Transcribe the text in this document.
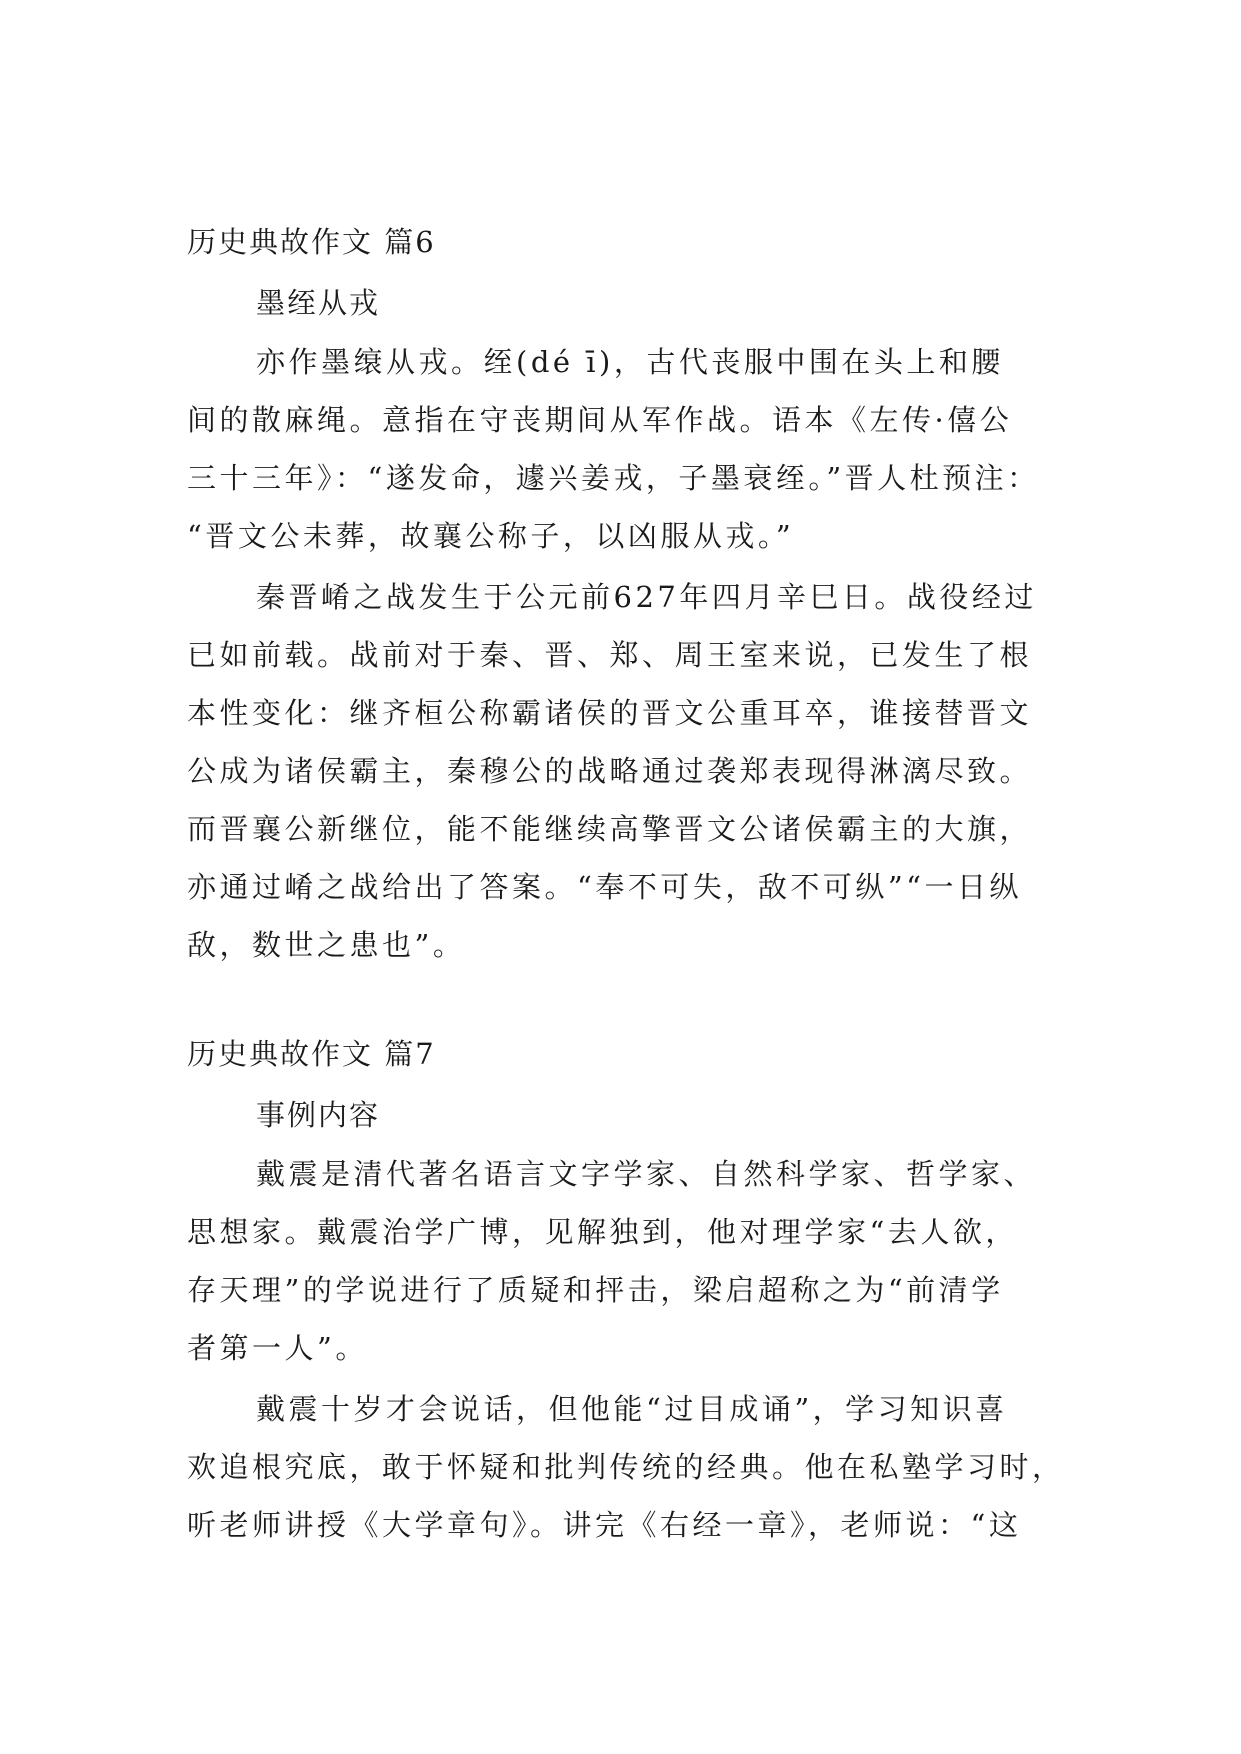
历史典故作文 篇6

墨绖从戎

亦作墨缞从戎。绖(dé ī)，古代丧服中围在头上和腰

间的散麻绳。意指在守丧期间从军作战。语本《左传·僖公

三十三年》：“遂发命，遽兴姜戎，子墨衰绖。”晋人杜预注：

“晋文公未葬，故襄公称子，以凶服从戎。”

秦晋崤之战发生于公元前627年四月辛巳日。战役经过

已如前载。战前对于秦、晋、郑、周王室来说，已发生了根

本性变化：继齐桓公称霸诸侯的晋文公重耳卒，谁接替晋文

公成为诸侯霸主，秦穆公的战略通过袭郑表现得淋漓尽致。

而晋襄公新继位，能不能继续高擎晋文公诸侯霸主的大旗，

亦通过崤之战给出了答案。“奉不可失，敌不可纵”“一日纵

敌，数世之患也”。

历史典故作文 篇7

事例内容

戴震是清代著名语言文字学家、自然科学家、哲学家、

思想家。戴震治学广博，见解独到，他对理学家“去人欲，

存天理”的学说进行了质疑和抨击，梁启超称之为“前清学

者第一人”。

戴震十岁才会说话，但他能“过目成诵”，学习知识喜

欢追根究底，敢于怀疑和批判传统的经典。他在私塾学习时，

听老师讲授《大学章句》。讲完《右经一章》，老师说：“这
